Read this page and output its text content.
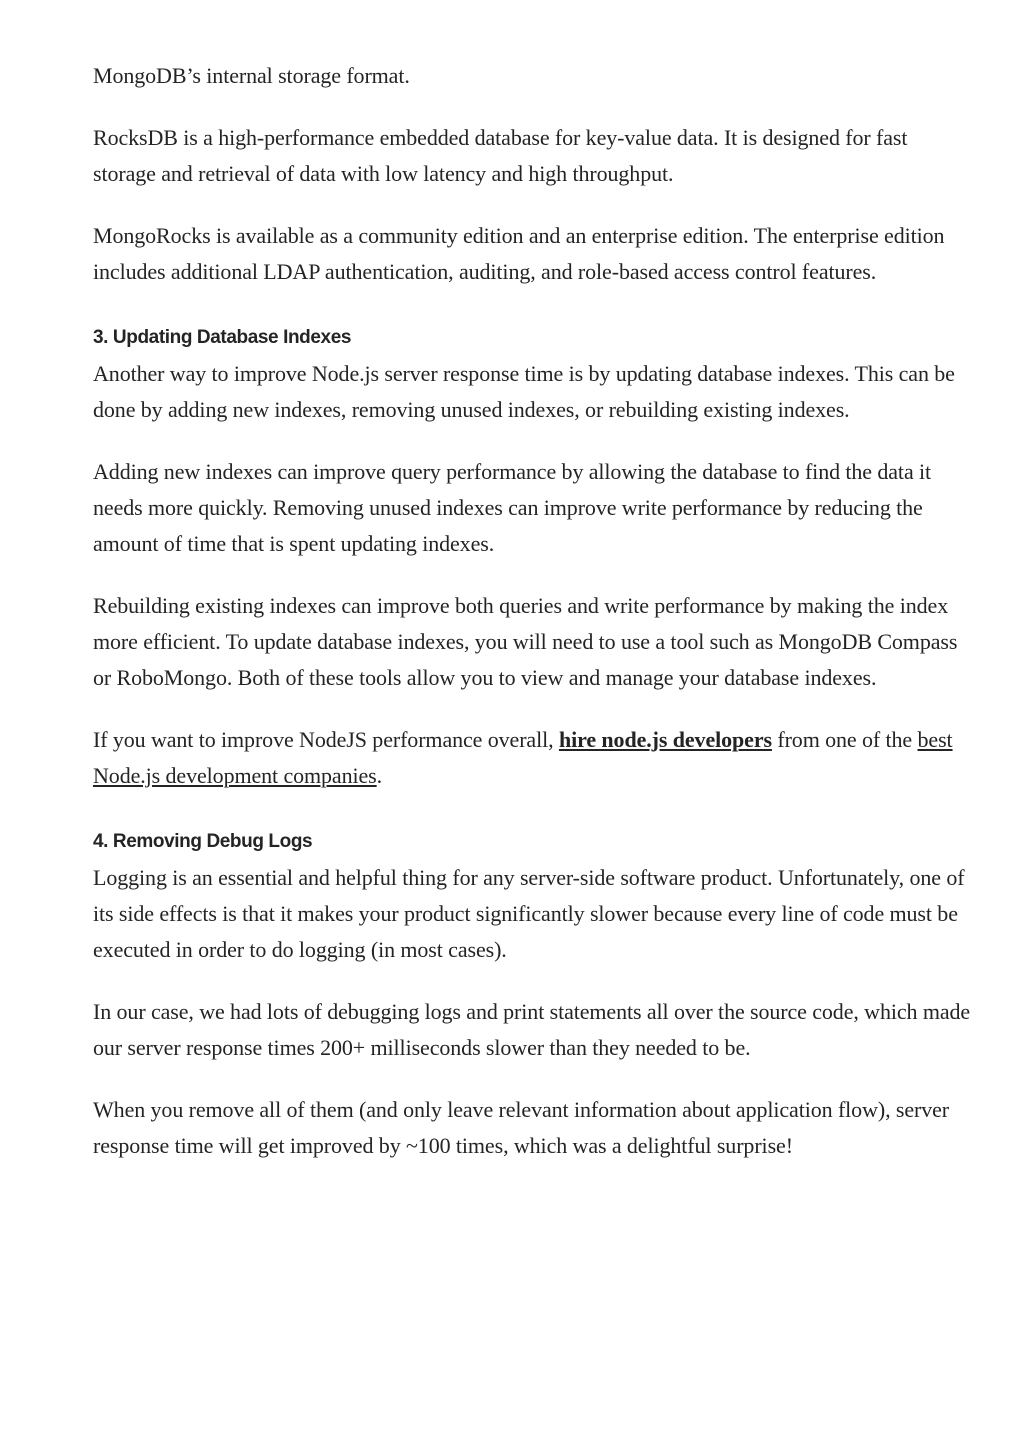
MongoDB’s internal storage format.

RocksDB is a high-performance embedded database for key-value data. It is designed for fast storage and retrieval of data with low latency and high throughput.

MongoRocks is available as a community edition and an enterprise edition. The enterprise edition includes additional LDAP authentication, auditing, and role-based access control features.

3. Updating Database Indexes

Another way to improve Node.js server response time is by updating database indexes. This can be done by adding new indexes, removing unused indexes, or rebuilding existing indexes.

Adding new indexes can improve query performance by allowing the database to find the data it needs more quickly. Removing unused indexes can improve write performance by reducing the amount of time that is spent updating indexes.

Rebuilding existing indexes can improve both queries and write performance by making the index more efficient. To update database indexes, you will need to use a tool such as MongoDB Compass or RoboMongo. Both of these tools allow you to view and manage your database indexes.

If you want to improve NodeJS performance overall, hire node.js developers from one of the best Node.js development companies.

4. Removing Debug Logs

Logging is an essential and helpful thing for any server-side software product. Unfortunately, one of its side effects is that it makes your product significantly slower because every line of code must be executed in order to do logging (in most cases).

In our case, we had lots of debugging logs and print statements all over the source code, which made our server response times 200+ milliseconds slower than they needed to be.

When you remove all of them (and only leave relevant information about application flow), server response time will get improved by ~100 times, which was a delightful surprise!
